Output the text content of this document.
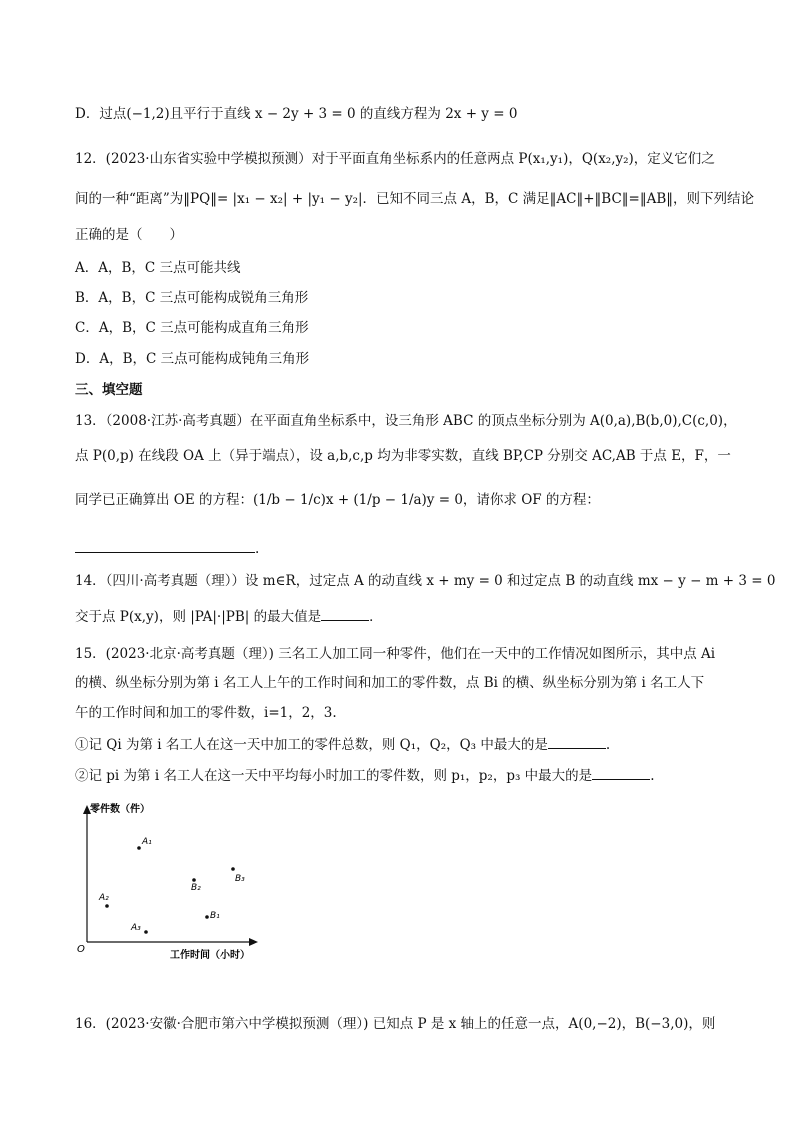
D．过点(−1,2)且平行于直线 x − 2y + 3 = 0 的直线方程为 2x + y = 0
12．(2023·山东省实验中学模拟预测）对于平面直角坐标系内的任意两点 P(x₁,y₁)，Q(x₂,y₂)，定义它们之
间的一种“距离”为‖PQ‖= |x₁ − x₂| + |y₁ − y₂|．已知不同三点 A，B，C 满足‖AC‖+‖BC‖=‖AB‖，则下列结论
正确的是（　　）
A．A，B，C 三点可能共线
B．A，B，C 三点可能构成锐角三角形
C．A，B，C 三点可能构成直角三角形
D．A，B，C 三点可能构成钝角三角形
三、填空题
13．（2008·江苏·高考真题）在平面直角坐标系中，设三角形 ABC 的顶点坐标分别为 A(0,a),B(b,0),C(c,0)，
点 P(0,p) 在线段 OA 上（异于端点），设 a,b,c,p 均为非零实数，直线 BP,CP 分别交 AC,AB 于点 E，F，一
同学已正确算出 OE 的方程：(1/b − 1/c)x + (1/p − 1/a)y = 0，请你求 OF 的方程：
.
14．（四川·高考真题（理））设 m∈R，过定点 A 的动直线 x + my = 0 和过定点 B 的动直线 mx − y − m + 3 = 0
交于点 P(x,y)，则 |PA|·|PB| 的最大值是	．
15．(2023·北京·高考真题（理）) 三名工人加工同一种零件，他们在一天中的工作情况如图所示，其中点 Ai
的横、纵坐标分别为第 i 名工人上午的工作时间和加工的零件数，点 Bi 的横、纵坐标分别为第 i 名工人下
午的工作时间和加工的零件数，i=1，2，3.
①记 Qi 为第 i 名工人在这一天中加工的零件总数，则 Q₁，Q₂，Q₃ 中最大的是	.
②记 pi 为第 i 名工人在这一天中平均每小时加工的零件数，则 p₁，p₂，p₃ 中最大的是	.
零件数（件）
工作时间（小时）
O
A₁
A₂
A₃
B₁
B₂
B₃
16．(2023·安徽·合肥市第六中学模拟预测（理）) 已知点 P 是 x 轴上的任意一点，A(0,−2)，B(−3,0)，则
